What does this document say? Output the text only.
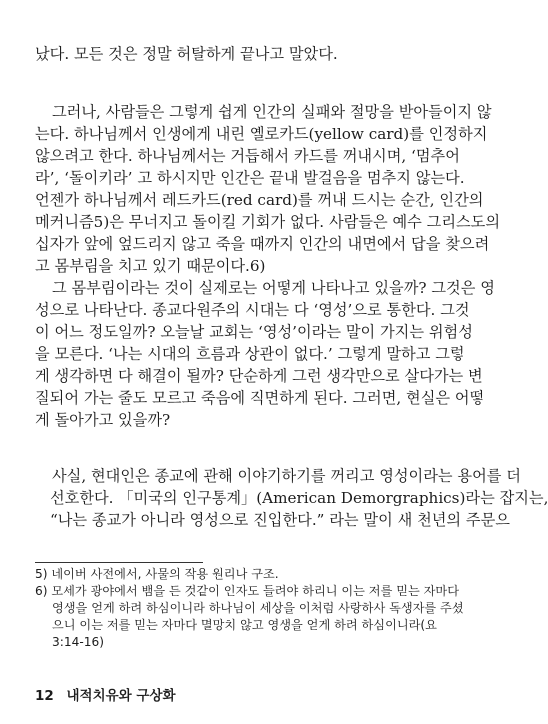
났다. 모든 것은 정말 허탈하게 끝나고 말았다.
그러나, 사람들은 그렇게 쉽게 인간의 실패와 절망을 받아들이지 않
는다. 하나님께서 인생에게 내린 옐로카드(yellow card)를 인정하지
않으려고 한다. 하나님께서는 거듭해서 카드를 꺼내시며, ‘멈추어
라’, ‘돌이키라’ 고 하시지만 인간은 끝내 발걸음을 멈추지 않는다.
언젠가 하나님께서 레드카드(red card)를 꺼내 드시는 순간, 인간의
메커니즘5)은 무너지고 돌이킬 기회가 없다. 사람들은 예수 그리스도의
십자가 앞에 엎드리지 않고 죽을 때까지 인간의 내면에서 답을 찾으려
고 몸부림을 치고 있기 때문이다.6)
그 몸부림이라는 것이 실제로는 어떻게 나타나고 있을까? 그것은 영
성으로 나타난다. 종교다원주의 시대는 다 ‘영성’으로 통한다. 그것
이 어느 정도일까? 오늘날 교회는 ‘영성’이라는 말이 가지는 위험성
을 모른다. ‘나는 시대의 흐름과 상관이 없다.’ 그렇게 말하고 그렇
게 생각하면 다 해결이 될까? 단순하게 그런 생각만으로 살다가는 변
질되어 가는 줄도 모르고 죽음에 직면하게 된다. 그러면, 현실은 어떻
게 돌아가고 있을까?
사실, 현대인은 종교에 관해 이야기하기를 꺼리고 영성이라는 용어를 더
선호한다. 「미국의 인구통계」(American Demorgraphics)라는 잡지는,
“나는 종교가 아니라 영성으로 진입한다.” 라는 말이 새 천년의 주문으
5) 네이버 사전에서, 사물의 작용 원리나 구조.
6) 모세가 광야에서 뱀을 든 것같이 인자도 들려야 하리니 이는 저를 믿는 자마다
영생을 얻게 하려 하심이니라 하나님이 세상을 이처럼 사랑하사 독생자를 주셨
으니 이는 저를 믿는 자마다 멸망치 않고 영생을 얻게 하려 하심이니라(요
3:14-16)
12 내적치유와 구상화
